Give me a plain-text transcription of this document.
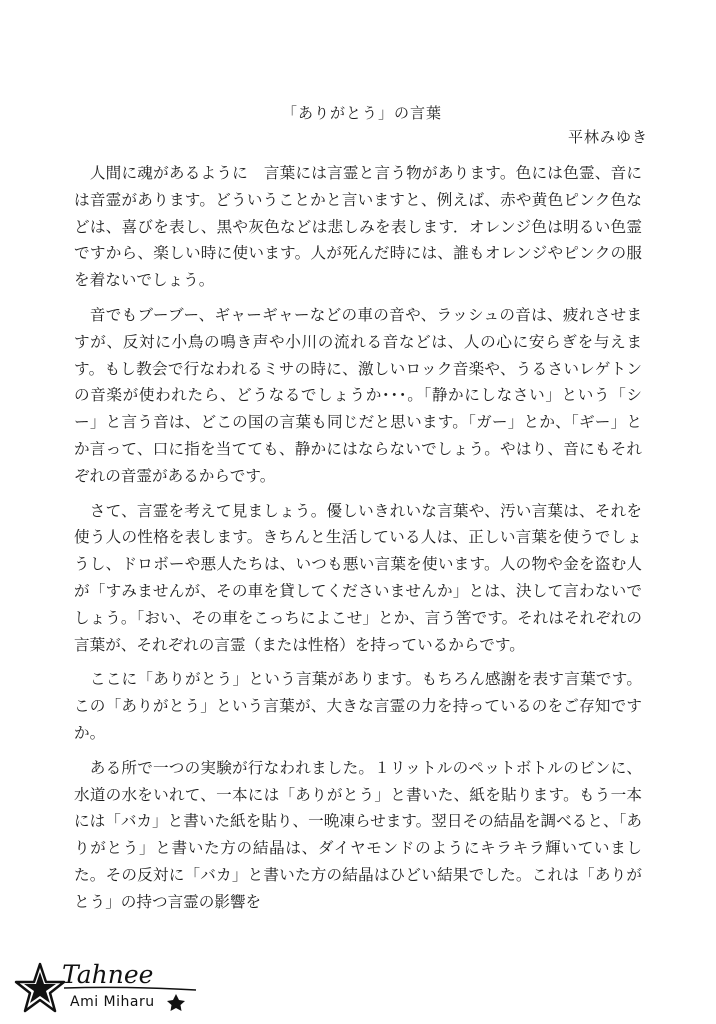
「ありがとう」の言葉
平林みゆき

　人間に魂があるように　言葉には言霊と言う物があります。色には色霊、音には音霊があります。どういうことかと言いますと、例えば、赤や黄色ピンク色などは、喜びを表し、黒や灰色などは悲しみを表します．オレンジ色は明るい色霊ですから、楽しい時に使います。人が死んだ時には、誰もオレンジやピンクの服を着ないでしょう。

　音でもブーブー、ギャーギャーなどの車の音や、ラッシュの音は、疲れさせますが、反対に小鳥の鳴き声や小川の流れる音などは、人の心に安らぎを与えます。もし教会で行なわれるミサの時に、激しいロック音楽や、うるさいレゲトンの音楽が使われたら、どうなるでしょうか･･･。「静かにしなさい」という「シー」と言う音は、どこの国の言葉も同じだと思います。「ガー」とか、「ギー」とか言って、口に指を当てても、静かにはならないでしょう。やはり、音にもそれぞれの音霊があるからです。

　さて、言霊を考えて見ましょう。優しいきれいな言葉や、汚い言葉は、それを使う人の性格を表します。きちんと生活している人は、正しい言葉を使うでしょうし、ドロボーや悪人たちは、いつも悪い言葉を使います。人の物や金を盗む人が「すみませんが、その車を貸してくださいませんか」とは、決して言わないでしょう。「おい、その車をこっちによこせ」とか、言う筈です。それはそれぞれの言葉が、それぞれの言霊（または性格）を持っているからです。

　ここに「ありがとう」という言葉があります。もちろん感謝を表す言葉です。この「ありがとう」という言葉が、大きな言霊の力を持っているのをご存知ですか。

　ある所で一つの実験が行なわれました。１リットルのペットボトルのビンに、水道の水をいれて、一本には「ありがとう」と書いた、紙を貼ります。もう一本には「バカ」と書いた紙を貼り、一晩凍らせます。翌日その結晶を調べると、「ありがとう」と書いた方の結晶は、ダイヤモンドのようにキラキラ輝いていました。その反対に「バカ」と書いた方の結晶はひどい結果でした。これは「ありがとう」の持つ言霊の影響を

Tahnee
Ami Miharu
